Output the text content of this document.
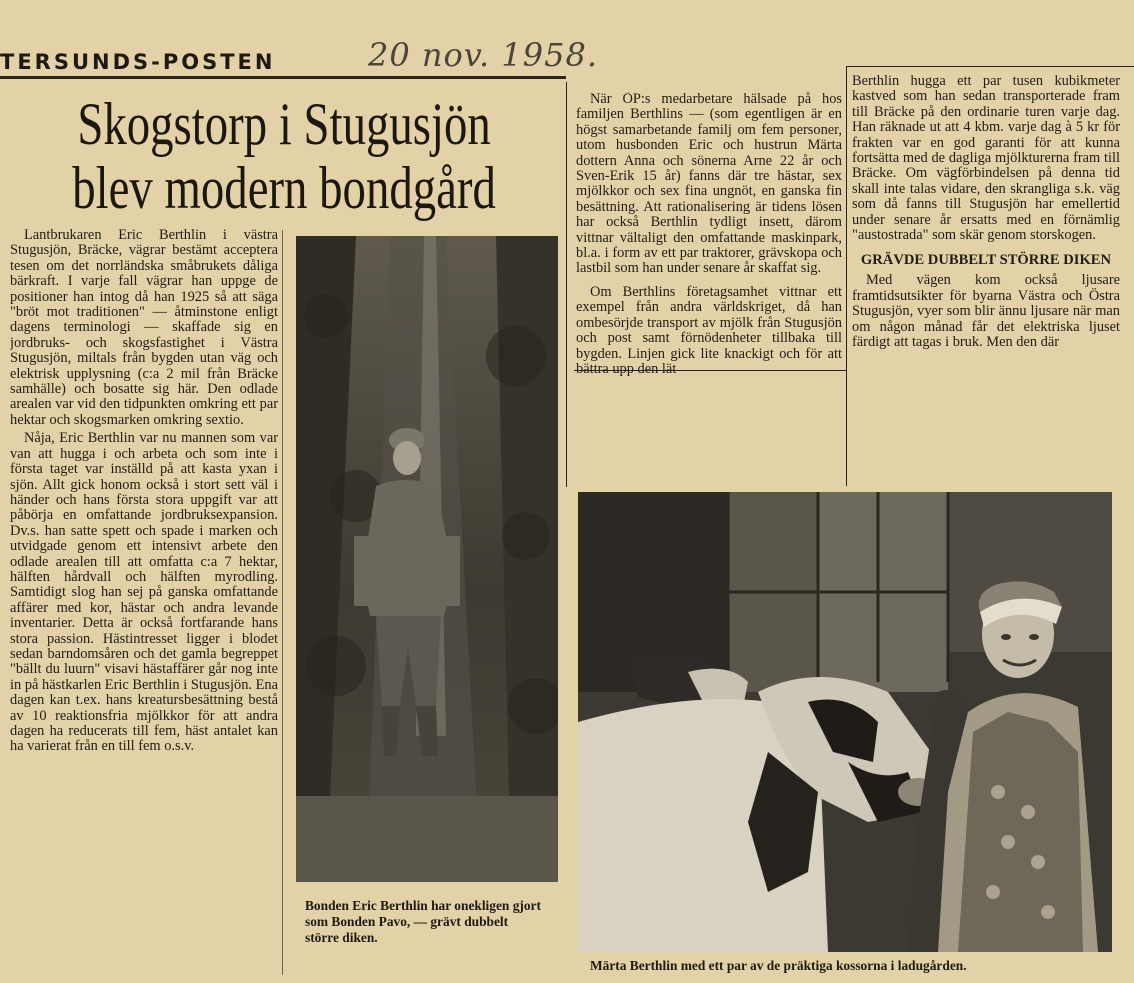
TERSUNDS-POSTEN	20 nov. 1958.
Skogstorp i Stugusjön
blev modern bondgård

Lantbrukaren Eric Berthlin i västra Stugusjön, Bräcke, vägrar bestämt acceptera tesen om det norrländska småbrukets dåliga bärkraft. I varje fall vägrar han uppge de positioner han intog då han 1925 så att säga "bröt mot traditionen" — åtminstone enligt dagens terminologi — skaffade sig en jordbruks- och skogsfastighet i Västra Stugusjön, miltals från bygden utan väg och elektrisk upplysning (c:a 2 mil från Bräcke samhälle) och bosatte sig här. Den odlade arealen var vid den tidpunkten omkring ett par hektar och skogsmarken omkring sextio.

Nåja, Eric Berthlin var nu mannen som var van att hugga i och arbeta och som inte i första taget var inställd på att kasta yxan i sjön. Allt gick honom också i stort sett väl i händer och hans första stora uppgift var att påbörja en omfattande jordbruksexpansion. Dv.s. han satte spett och spade i marken och utvidgade genom ett intensivt arbete den odlade arealen till att omfatta c:a 7 hektar, hälften hårdvall och hälften myrodling. Samtidigt slog han sej på ganska omfattande affärer med kor, hästar och andra levande inventarier. Detta är också fortfarande hans stora passion. Hästintresset ligger i blodet sedan barndomsåren och det gamla begreppet "bällt du luurn" visavi hästaffärer går nog inte in på hästkarlen Eric Berthlin i Stugusjön. Ena dagen kan t.ex. hans kreatursbesättning bestå av 10 reaktionsfria mjölkkor för att andra dagen ha reducerats till fem, häst antalet kan ha varierat från en till fem o.s.v.

Bonden Eric Berthlin har onekligen gjort som Bonden Pavo, — grävt dubbelt större diken.

När ÖP:s medarbetare hälsade på hos familjen Berthlins — (som egentligen är en högst samarbetande familj om fem personer, utom husbonden Eric och hustrun Märta dottern Anna och sönerna Arne 22 år och Sven-Erik 15 år) fanns där tre hästar, sex mjölkkor och sex fina ungnöt, en ganska fin besättning. Att rationalisering är tidens lösen har också Berthlin tydligt insett, därom vittnar vältaligt den omfattande maskinpark, bl.a. i form av ett par traktorer, grävskopa och lastbil som han under senare år skaffat sig.

Om Berthlins företagsamhet vittnar ett exempel från andra världskriget, då han ombesörjde transport av mjölk från Stugusjön och post samt förnödenheter tillbaka till bygden. Linjen gick lite knackigt och för att bättra upp den lät

Berthlin hugga ett par tusen kubikmeter kastved som han sedan transporterade fram till Bräcke på den ordinarie turen varje dag. Han räknade ut att 4 kbm. varje dag à 5 kr för frakten var en god garanti för att kunna fortsätta med de dagliga mjölkturerna fram till Bräcke. Om vägförbindelsen på denna tid skall inte talas vidare, den skrangliga s.k. väg som då fanns till Stugusjön har emellertid under senare år ersatts med en förnämlig "austostrada" som skär genom storskogen.

GRÄVDE DUBBELT STÖRRE DIKEN

Med vägen kom också ljusare framtidsutsikter för byarna Västra och Östra Stugusjön, vyer som blir ännu ljusare när man om någon månad får det elektriska ljuset färdigt att tagas i bruk. Men den där

Märta Berthlin med ett par av de präktiga kossorna i ladugården.
